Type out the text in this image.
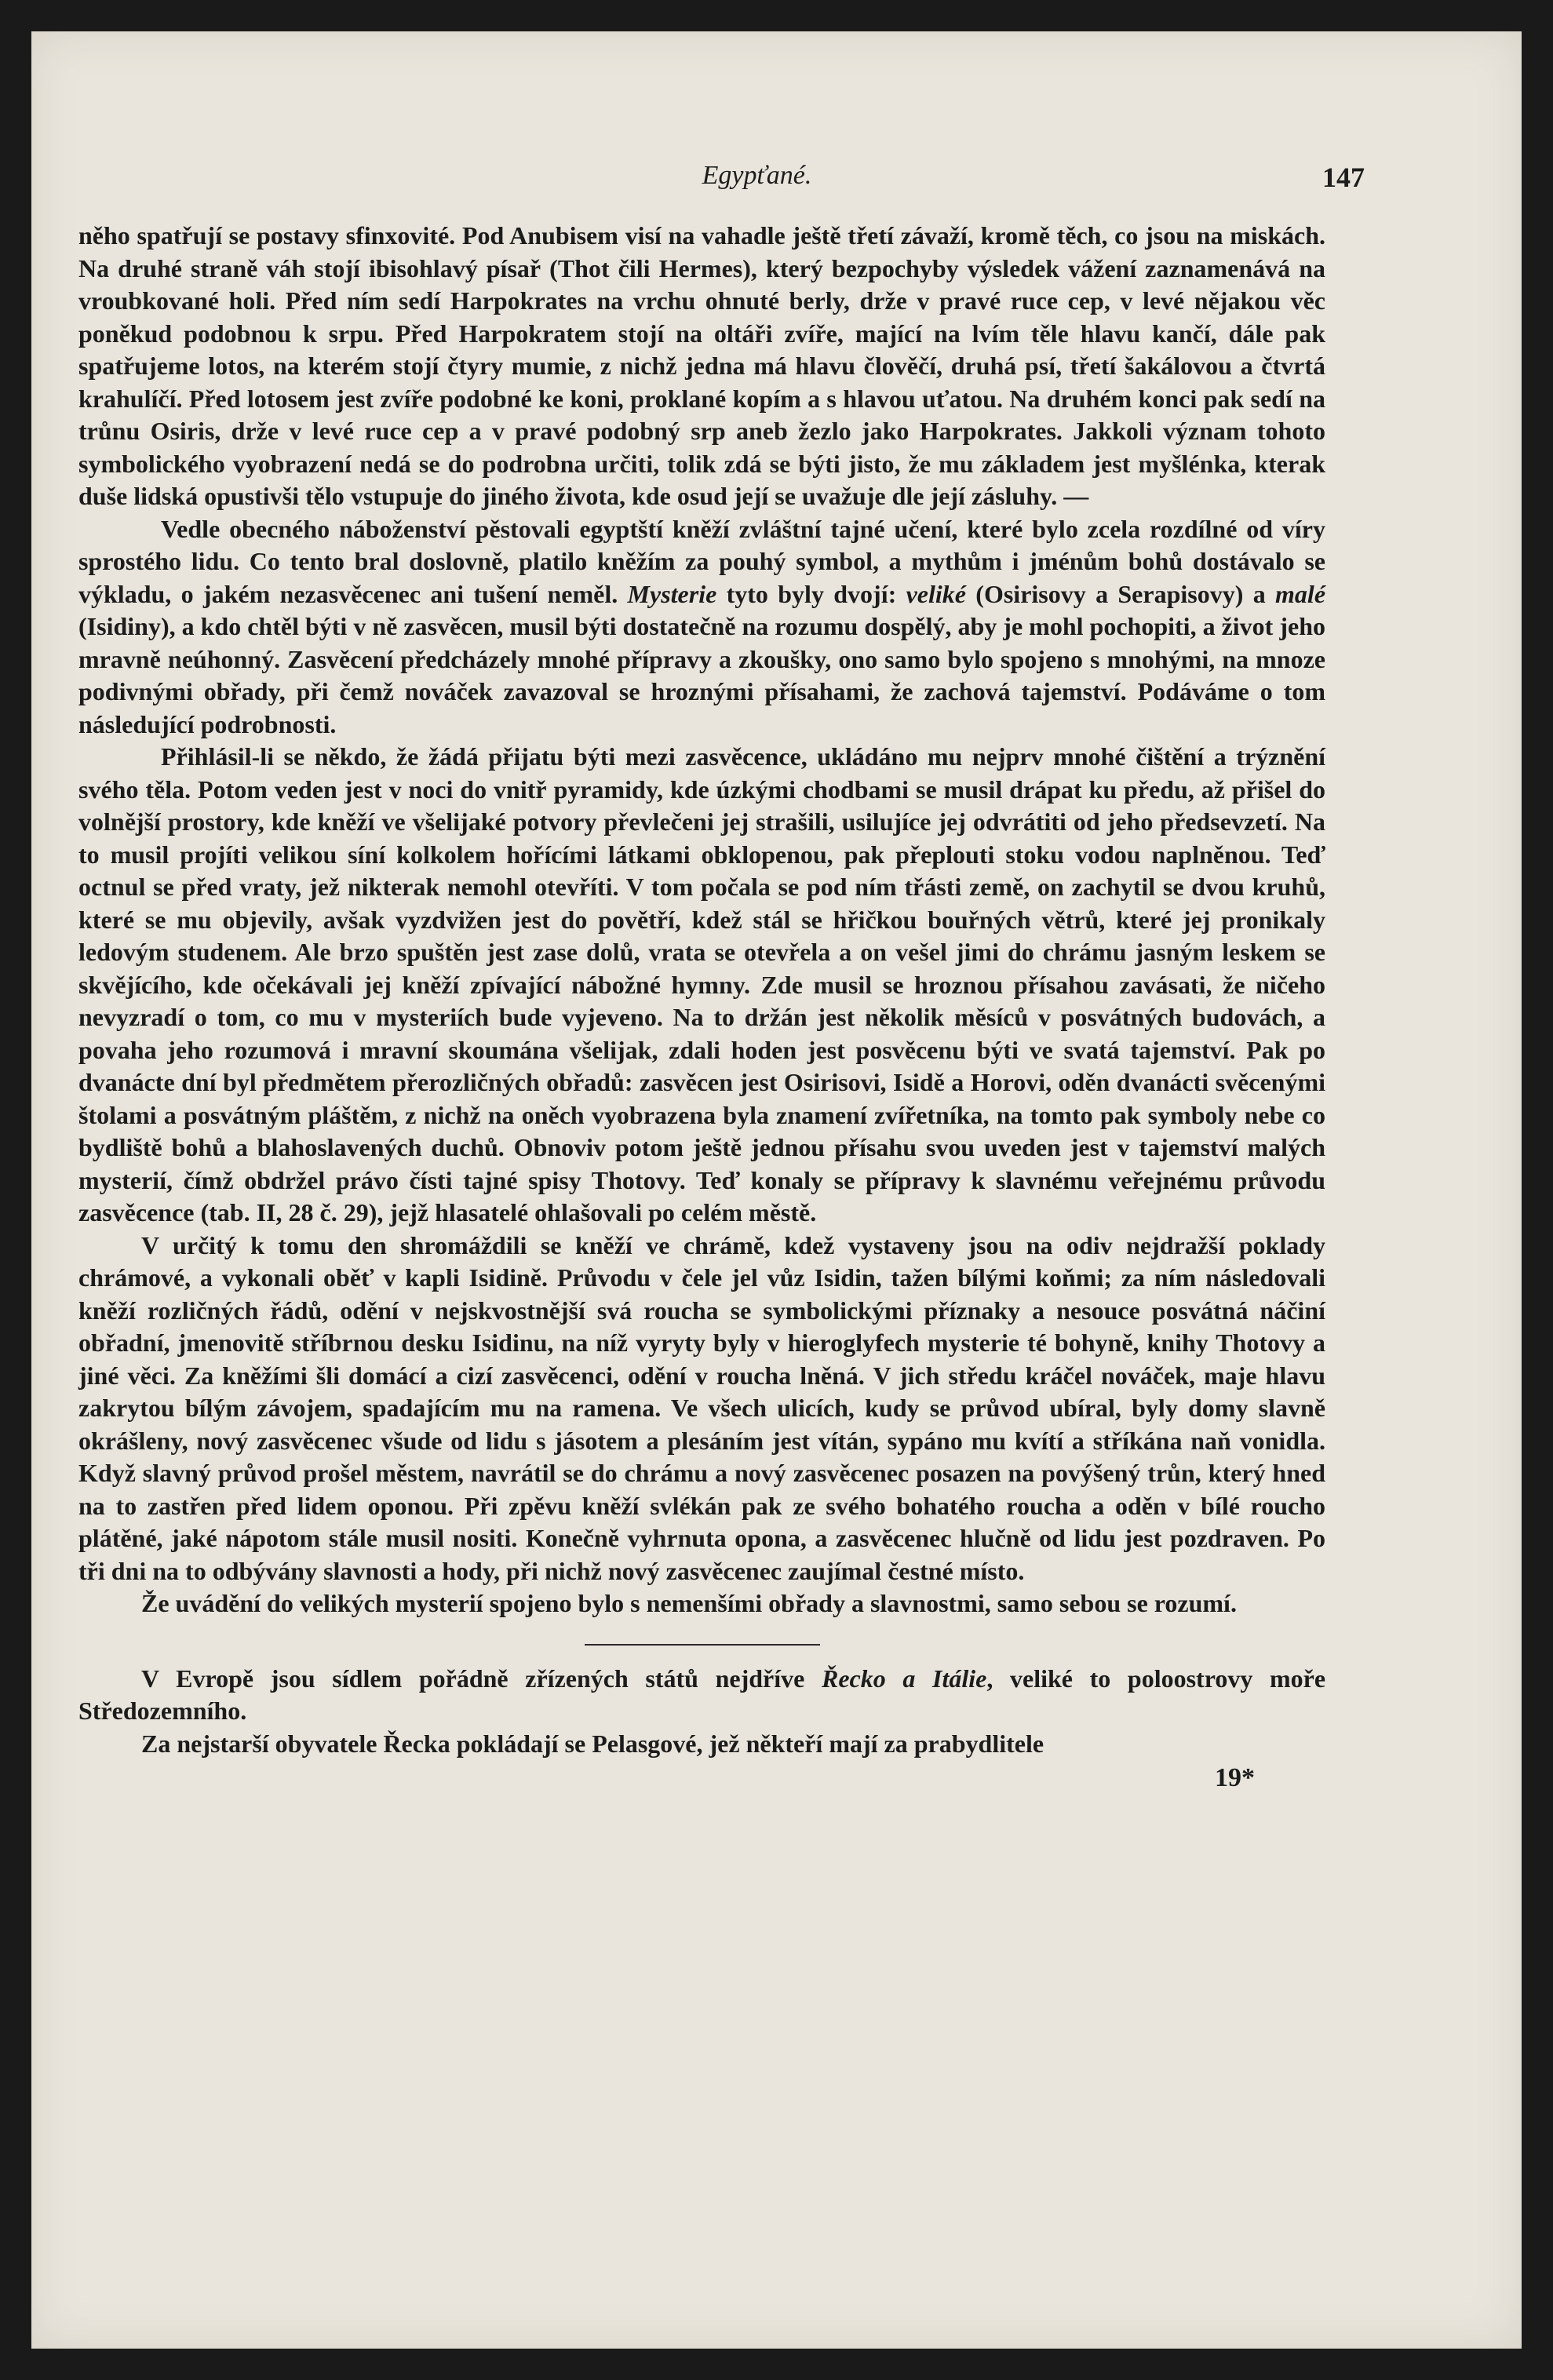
Egypťané.	147

něho spatřují se postavy sfinxovité. Pod Anubisem visí na vahadle ještě třetí závaží, kromě těch, co jsou na miskách. Na druhé straně váh stojí ibisohlavý písař (Thot čili Hermes), který bezpochyby výsledek vážení zaznamenává na vroubkované holi. Před ním sedí Harpokrates na vrchu ohnuté berly, drže v pravé ruce cep, v levé nějakou věc poněkud podobnou k srpu. Před Harpokratem stojí na oltáři zvíře, mající na lvím těle hlavu kančí, dále pak spatřujeme lotos, na kterém stojí čtyry mumie, z nichž jedna má hlavu člověčí, druhá psí, třetí šakálovou a čtvrtá krahulíčí. Před lotosem jest zvíře podobné ke koni, proklané kopím a s hlavou uťatou. Na druhém konci pak sedí na trůnu Osiris, drže v levé ruce cep a v pravé podobný srp aneb žezlo jako Harpokrates. Jakkoli význam tohoto symbolického vyobrazení nedá se do podrobna určiti, tolik zdá se býti jisto, že mu základem jest myšlénka, kterak duše lidská opustivši tělo vstupuje do jiného života, kde osud její se uvažuje dle její zásluhy. —

Vedle obecného náboženství pěstovali egyptští kněží zvláštní tajné učení, které bylo zcela rozdílné od víry sprostého lidu. Co tento bral doslovně, platilo kněžím za pouhý symbol, a mythům i jménům bohů dostávalo se výkladu, o jakém nezasvěcenec ani tušení neměl. Mysterie tyto byly dvojí: veliké (Osirisovy a Serapisovy) a malé (Isidiny), a kdo chtěl býti v ně zasvěcen, musil býti dostatečně na rozumu dospělý, aby je mohl pochopiti, a život jeho mravně neúhonný. Zasvěcení předcházely mnohé přípravy a zkoušky, ono samo bylo spojeno s mnohými, na mnoze podivnými obřady, při čemž nováček zavazoval se hroznými přísahami, že zachová tajemství. Podáváme o tom následující podrobnosti.

Přihlásil-li se někdo, že žádá přijatu býti mezi zasvěcence, ukládáno mu nejprv mnohé čištění a trýznění svého těla. Potom veden jest v noci do vnitř pyramidy, kde úzkými chodbami se musil drápat ku předu, až přišel do volnější prostory, kde kněží ve všelijaké potvory převlečeni jej strašili, usilujíce jej odvrátiti od jeho předsevzetí. Na to musil projíti velikou síní kolkolem hořícími látkami obklopenou, pak přeplouti stoku vodou naplněnou. Teď octnul se před vraty, jež nikterak nemohl otevříti. V tom počala se pod ním třásti země, on zachytil se dvou kruhů, které se mu objevily, avšak vyzdvižen jest do povětří, kdež stál se hřičkou bouřných větrů, které jej pronikaly ledovým studenem. Ale brzo spuštěn jest zase dolů, vrata se otevřela a on vešel jimi do chrámu jasným leskem se skvějícího, kde očekávali jej kněží zpívající nábožné hymny. Zde musil se hroznou přísahou zavásati, že ničeho nevyzradí o tom, co mu v mysteriích bude vyjeveno. Na to držán jest několik měsíců v posvátných budovách, a povaha jeho rozumová i mravní skoumána všelijak, zdali hoden jest posvěcenu býti ve svatá tajemství. Pak po dvanácte dní byl předmětem přerozličných obřadů: zasvěcen jest Osirisovi, Isidě a Horovi, oděn dvanácti svěcenými štolami a posvátným pláštěm, z nichž na oněch vyobrazena byla znamení zvířetníka, na tomto pak symboly nebe co bydliště bohů a blahoslavených duchů. Obnoviv potom ještě jednou přísahu svou uveden jest v tajemství malých mysterií, čímž obdržel právo čísti tajné spisy Thotovy. Teď konaly se přípravy k slavnému veřejnému průvodu zasvěcence (tab. II, 28 č. 29), jejž hlasatelé ohlašovali po celém městě.

V určitý k tomu den shromáždili se kněží ve chrámě, kdež vystaveny jsou na odiv nejdražší poklady chrámové, a vykonali oběť v kapli Isidině. Průvodu v čele jel vůz Isidin, tažen bílými koňmi; za ním následovali kněží rozličných řádů, odění v nejskvostnější svá roucha se symbolickými příznaky a nesouce posvátná náčiní obřadní, jmenovitě stříbrnou desku Isidinu, na níž vyryty byly v hieroglyfech mysterie té bohyně, knihy Thotovy a jiné věci. Za kněžími šli domácí a cizí zasvěcenci, odění v roucha lněná. V jich středu kráčel nováček, maje hlavu zakrytou bílým závojem, spadajícím mu na ramena. Ve všech ulicích, kudy se průvod ubíral, byly domy slavně okrášleny, nový zasvěcenec všude od lidu s jásotem a plesáním jest vítán, sypáno mu kvítí a stříkána naň vonidla. Když slavný průvod prošel městem, navrátil se do chrámu a nový zasvěcenec posazen na povýšený trůn, který hned na to zastřen před lidem oponou. Při zpěvu kněží svlékán pak ze svého bohatého roucha a oděn v bílé roucho plátěné, jaké nápotom stále musil nositi. Konečně vyhrnuta opona, a zasvěcenec hlučně od lidu jest pozdraven. Po tři dni na to odbývány slavnosti a hody, při nichž nový zasvěcenec zaujímal čestné místo.

Že uvádění do velikých mysterií spojeno bylo s nemenšími obřady a slavnostmi, samo sebou se rozumí.

V Evropě jsou sídlem pořádně zřízených států nejdříve Řecko a Itálie, veliké to poloostrovy moře Středozemního.

Za nejstarší obyvatele Řecka pokládají se Pelasgové, jež někteří mají za prabydlitele

19*
